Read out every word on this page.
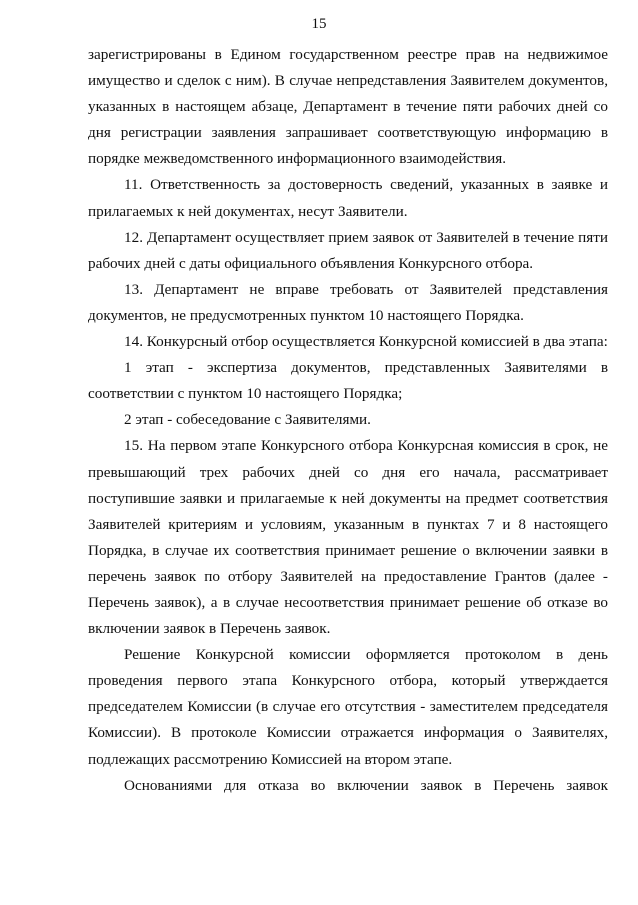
15

зарегистрированы в Едином государственном реестре прав на недвижимое имущество и сделок с ним). В случае непредставления Заявителем документов, указанных в настоящем абзаце, Департамент в течение пяти рабочих дней со дня регистрации заявления запрашивает соответствующую информацию в порядке межведомственного информационного взаимодействия.

11. Ответственность за достоверность сведений, указанных в заявке и прилагаемых к ней документах, несут Заявители.

12. Департамент осуществляет прием заявок от Заявителей в течение пяти рабочих дней с даты официального объявления Конкурсного отбора.

13. Департамент не вправе требовать от Заявителей представления документов, не предусмотренных пунктом 10 настоящего Порядка.

14. Конкурсный отбор осуществляется Конкурсной комиссией в два этапа:

1 этап - экспертиза документов, представленных Заявителями в соответствии с пунктом 10 настоящего Порядка;

2 этап - собеседование с Заявителями.

15. На первом этапе Конкурсного отбора Конкурсная комиссия в срок, не превышающий трех рабочих дней со дня его начала, рассматривает поступившие заявки и прилагаемые к ней документы на предмет соответствия Заявителей критериям и условиям, указанным в пунктах 7 и 8 настоящего Порядка, в случае их соответствия принимает решение о включении заявки в перечень заявок по отбору Заявителей на предоставление Грантов (далее - Перечень заявок), а в случае несоответствия принимает решение об отказе во включении заявок в Перечень заявок.

Решение Конкурсной комиссии оформляется протоколом в день проведения первого этапа Конкурсного отбора, который утверждается председателем Комиссии (в случае его отсутствия - заместителем председателя Комиссии). В протоколе Комиссии отражается информация о Заявителях, подлежащих рассмотрению Комиссией на втором этапе.

Основаниями для отказа во включении заявок в Перечень заявок
